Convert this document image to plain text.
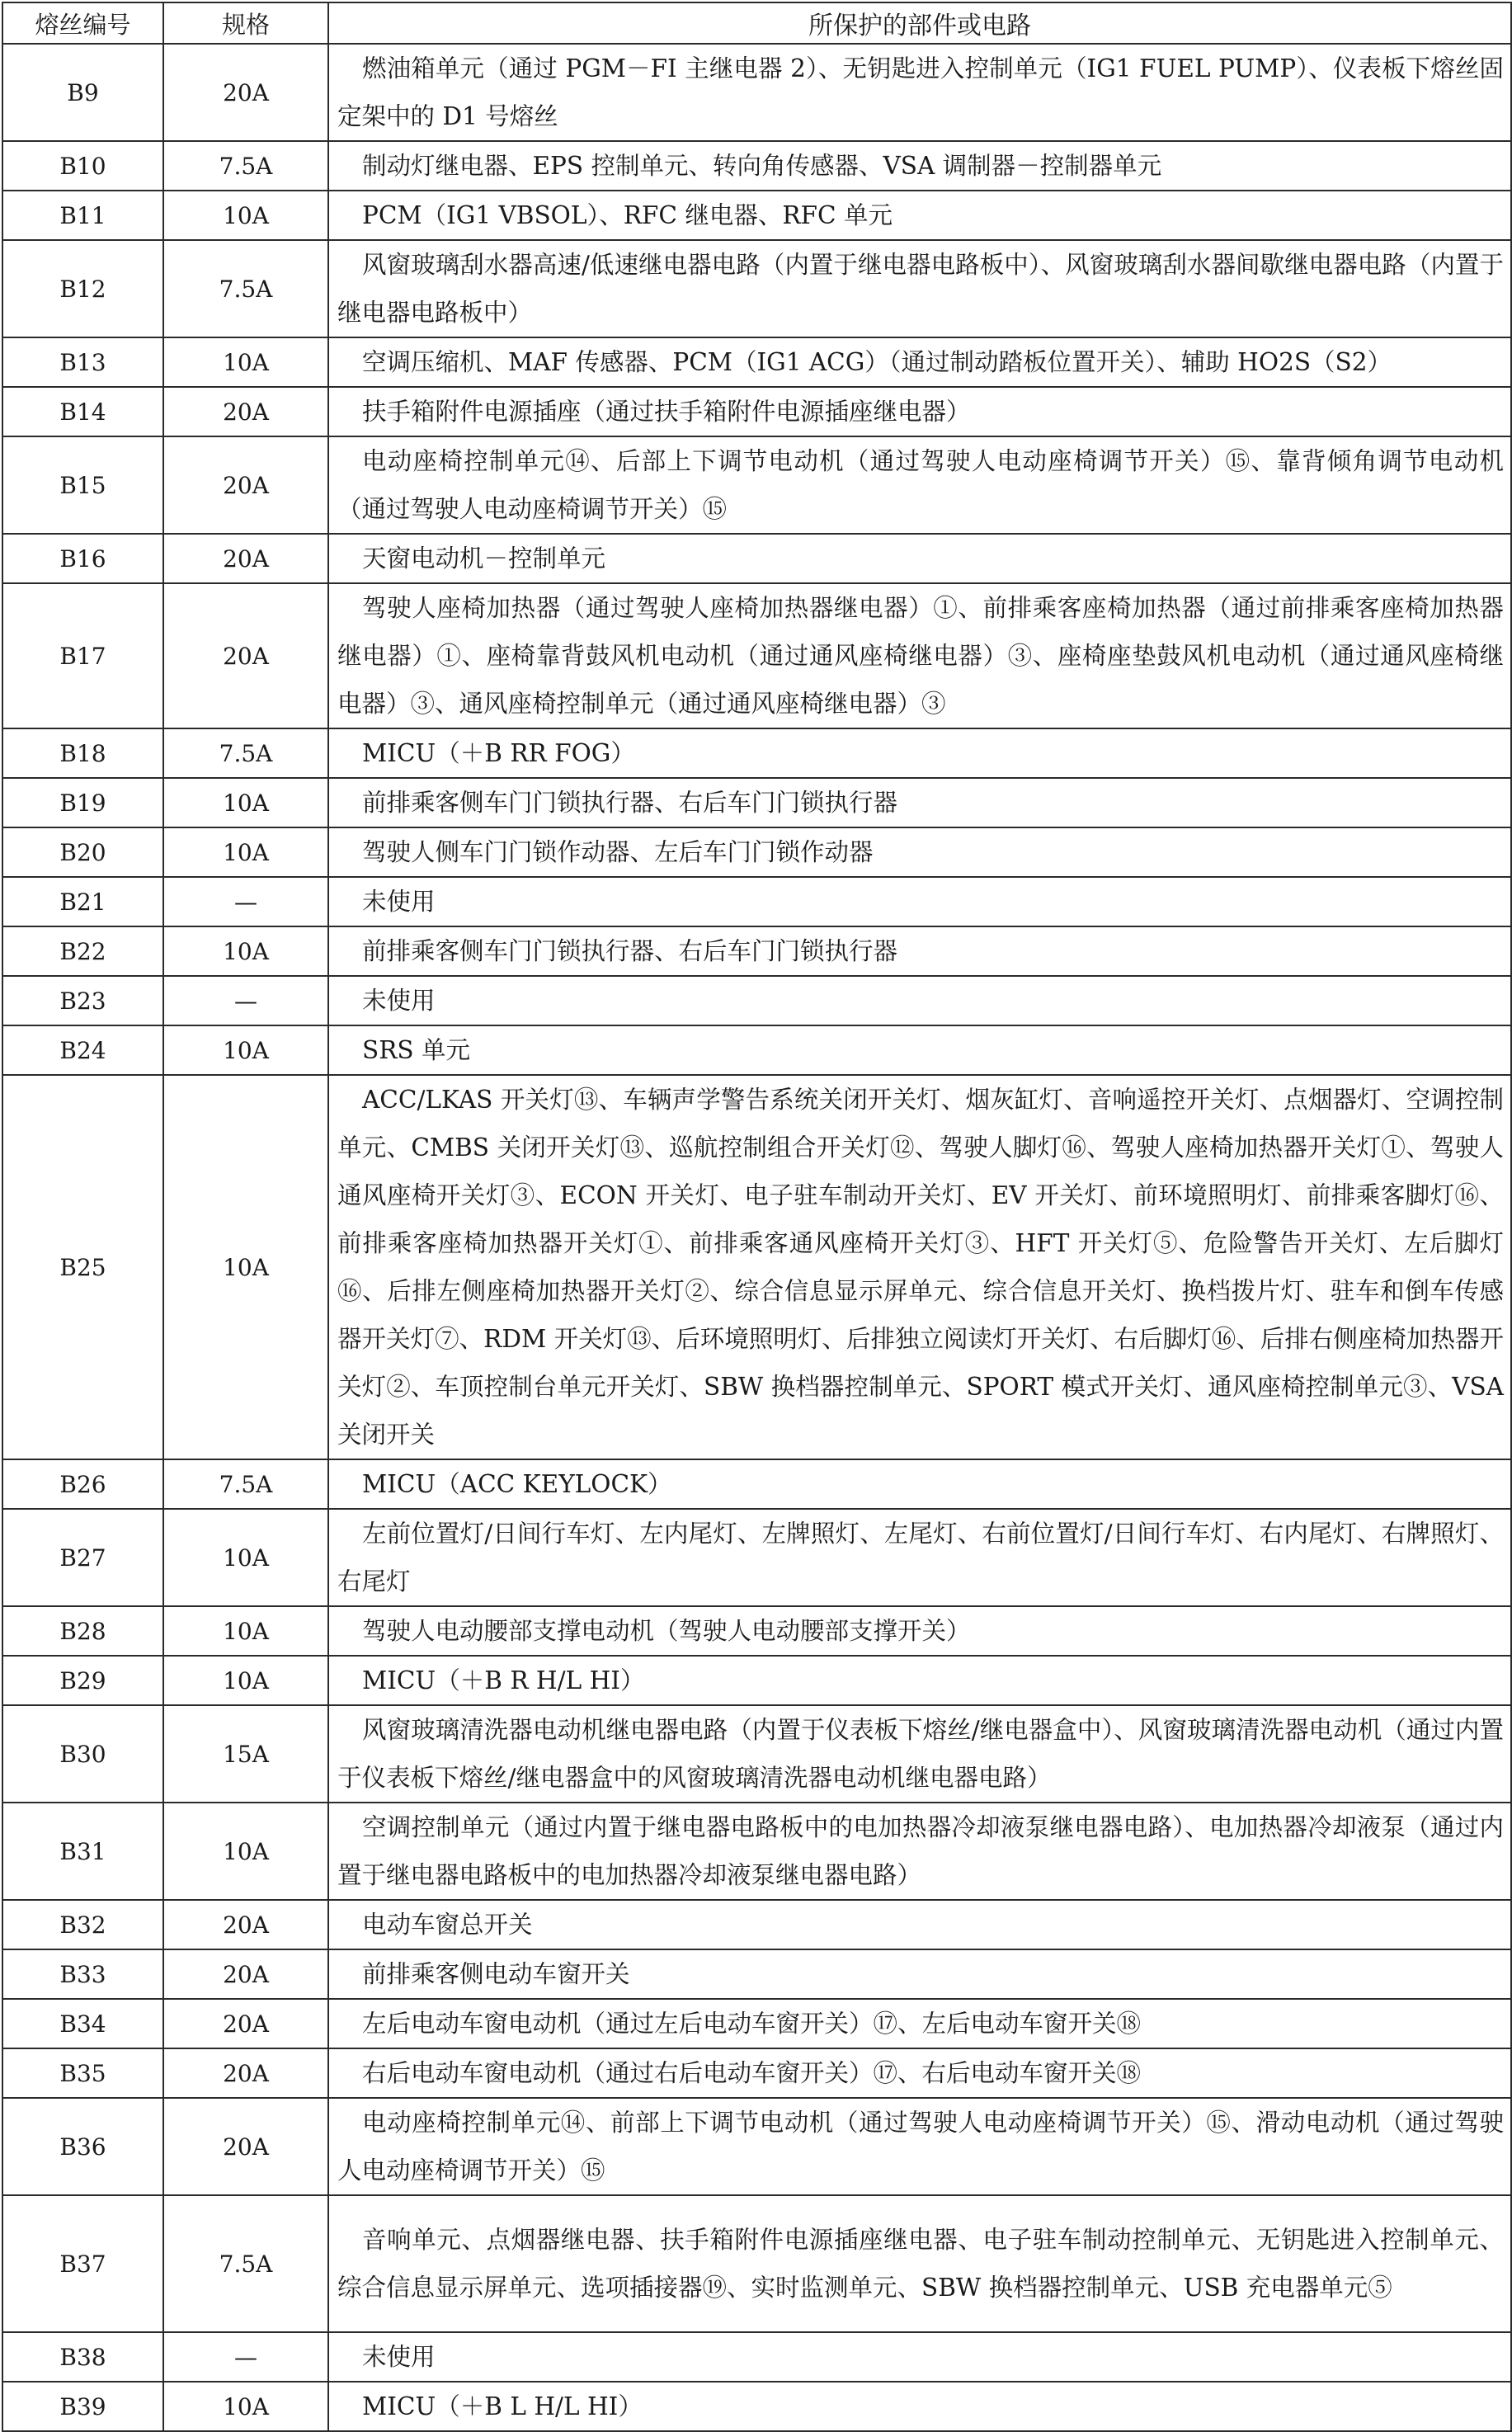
熔丝编号	规格	所保护的部件或电路
B9	20A	燃油箱单元（通过 PGM－FI 主继电器 2）、无钥匙进入控制单元（IG1 FUEL PUMP）、仪表板下熔丝固定架中的 D1 号熔丝
B10	7.5A	制动灯继电器、EPS 控制单元、转向角传感器、VSA 调制器－控制器单元
B11	10A	PCM（IG1 VBSOL）、RFC 继电器、RFC 单元
B12	7.5A	风窗玻璃刮水器高速/低速继电器电路（内置于继电器电路板中）、风窗玻璃刮水器间歇继电器电路（内置于继电器电路板中）
B13	10A	空调压缩机、MAF 传感器、PCM（IG1 ACG）（通过制动踏板位置开关）、辅助 HO2S（S2）
B14	20A	扶手箱附件电源插座（通过扶手箱附件电源插座继电器）
B15	20A	电动座椅控制单元⑭、后部上下调节电动机（通过驾驶人电动座椅调节开关）⑮、靠背倾角调节电动机（通过驾驶人电动座椅调节开关）⑮
B16	20A	天窗电动机－控制单元
B17	20A	驾驶人座椅加热器（通过驾驶人座椅加热器继电器）①、前排乘客座椅加热器（通过前排乘客座椅加热器继电器）①、座椅靠背鼓风机电动机（通过通风座椅继电器）③、座椅座垫鼓风机电动机（通过通风座椅继电器）③、通风座椅控制单元（通过通风座椅继电器）③
B18	7.5A	MICU（＋B RR FOG）
B19	10A	前排乘客侧车门门锁执行器、右后车门门锁执行器
B20	10A	驾驶人侧车门门锁作动器、左后车门门锁作动器
B21	—	未使用
B22	10A	前排乘客侧车门门锁执行器、右后车门门锁执行器
B23	—	未使用
B24	10A	SRS 单元
B25	10A	ACC/LKAS 开关灯⑬、车辆声学警告系统关闭开关灯、烟灰缸灯、音响遥控开关灯、点烟器灯、空调控制单元、CMBS 关闭开关灯⑬、巡航控制组合开关灯⑫、驾驶人脚灯⑯、驾驶人座椅加热器开关灯①、驾驶人通风座椅开关灯③、ECON 开关灯、电子驻车制动开关灯、EV 开关灯、前环境照明灯、前排乘客脚灯⑯、前排乘客座椅加热器开关灯①、前排乘客通风座椅开关灯③、HFT 开关灯⑤、危险警告开关灯、左后脚灯⑯、后排左侧座椅加热器开关灯②、综合信息显示屏单元、综合信息开关灯、换档拨片灯、驻车和倒车传感器开关灯⑦、RDM 开关灯⑬、后环境照明灯、后排独立阅读灯开关灯、右后脚灯⑯、后排右侧座椅加热器开关灯②、车顶控制台单元开关灯、SBW 换档器控制单元、SPORT 模式开关灯、通风座椅控制单元③、VSA 关闭开关
B26	7.5A	MICU（ACC KEYLOCK）
B27	10A	左前位置灯/日间行车灯、左内尾灯、左牌照灯、左尾灯、右前位置灯/日间行车灯、右内尾灯、右牌照灯、右尾灯
B28	10A	驾驶人电动腰部支撑电动机（驾驶人电动腰部支撑开关）
B29	10A	MICU（＋B R H/L HI）
B30	15A	风窗玻璃清洗器电动机继电器电路（内置于仪表板下熔丝/继电器盒中）、风窗玻璃清洗器电动机（通过内置于仪表板下熔丝/继电器盒中的风窗玻璃清洗器电动机继电器电路）
B31	10A	空调控制单元（通过内置于继电器电路板中的电加热器冷却液泵继电器电路）、电加热器冷却液泵（通过内置于继电器电路板中的电加热器冷却液泵继电器电路）
B32	20A	电动车窗总开关
B33	20A	前排乘客侧电动车窗开关
B34	20A	左后电动车窗电动机（通过左后电动车窗开关）⑰、左后电动车窗开关⑱
B35	20A	右后电动车窗电动机（通过右后电动车窗开关）⑰、右后电动车窗开关⑱
B36	20A	电动座椅控制单元⑭、前部上下调节电动机（通过驾驶人电动座椅调节开关）⑮、滑动电动机（通过驾驶人电动座椅调节开关）⑮
B37	7.5A	音响单元、点烟器继电器、扶手箱附件电源插座继电器、电子驻车制动控制单元、无钥匙进入控制单元、综合信息显示屏单元、选项插接器⑲、实时监测单元、SBW 换档器控制单元、USB 充电器单元⑤
B38	—	未使用
B39	10A	MICU（＋B L H/L HI）
